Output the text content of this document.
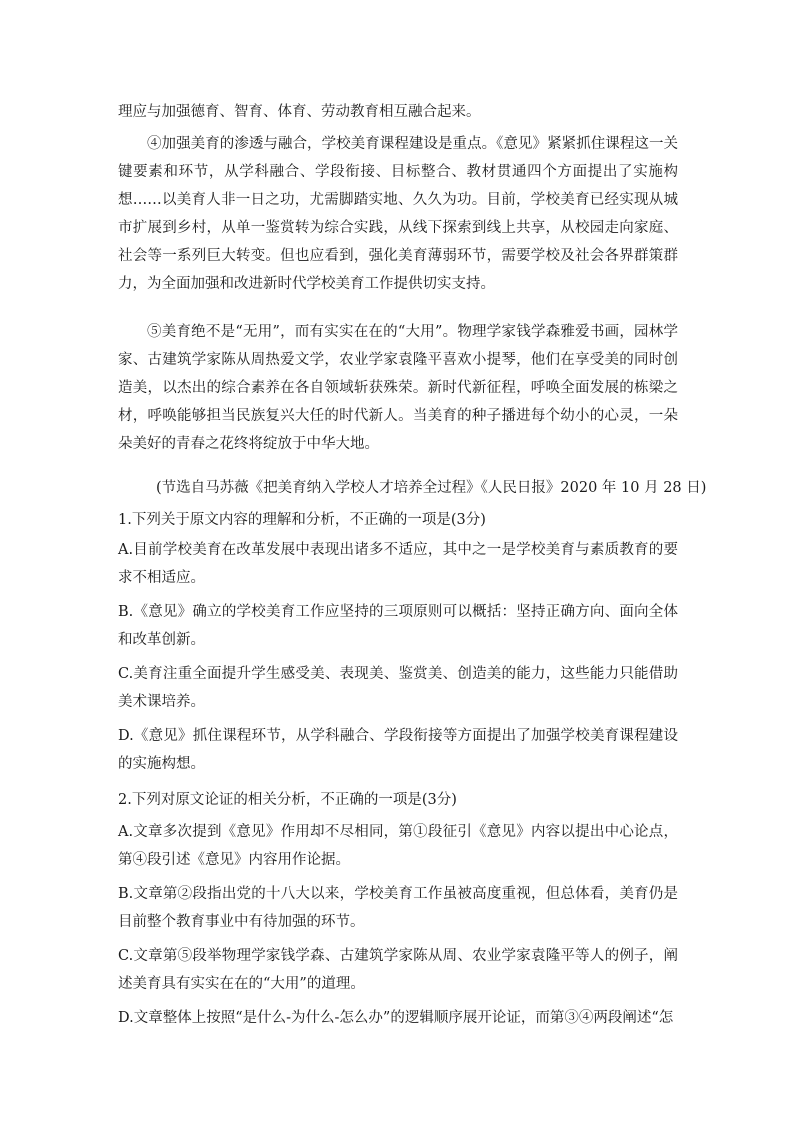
理应与加强德育、智育、体育、劳动教育相互融合起来。
④加强美育的渗透与融合，学校美育课程建设是重点。《意见》紧紧抓住课程这一关键要素和环节，从学科融合、学段衔接、目标整合、教材贯通四个方面提出了实施构想……以美育人非一日之功，尤需脚踏实地、久久为功。目前，学校美育已经实现从城市扩展到乡村，从单一鉴赏转为综合实践，从线下探索到线上共享，从校园走向家庭、社会等一系列巨大转变。但也应看到，强化美育薄弱环节，需要学校及社会各界群策群力，为全面加强和改进新时代学校美育工作提供切实支持。
⑤美育绝不是“无用”，而有实实在在的“大用”。物理学家钱学森雅爱书画，园林学家、古建筑学家陈从周热爱文学，农业学家袁隆平喜欢小提琴，他们在享受美的同时创造美，以杰出的综合素养在各自领域斩获殊荣。新时代新征程，呼唤全面发展的栋梁之材，呼唤能够担当民族复兴大任的时代新人。当美育的种子播进每个幼小的心灵，一朵朵美好的青春之花终将绽放于中华大地。
(节选自马苏薇《把美育纳入学校人才培养全过程》《人民日报》2020 年 10 月 28 日)
1.下列关于原文内容的理解和分析，不正确的一项是(3分)
A.目前学校美育在改革发展中表现出诸多不适应，其中之一是学校美育与素质教育的要求不相适应。
B.《意见》确立的学校美育工作应坚持的三项原则可以概括：坚持正确方向、面向全体和改革创新。
C.美育注重全面提升学生感受美、表现美、鉴赏美、创造美的能力，这些能力只能借助美术课培养。
D.《意见》抓住课程环节，从学科融合、学段衔接等方面提出了加强学校美育课程建设的实施构想。
2.下列对原文论证的相关分析，不正确的一项是(3分)
A.文章多次提到《意见》作用却不尽相同，第①段征引《意见》内容以提出中心论点，第④段引述《意见》内容用作论据。
B.文章第②段指出党的十八大以来，学校美育工作虽被高度重视，但总体看，美育仍是目前整个教育事业中有待加强的环节。
C.文章第⑤段举物理学家钱学森、古建筑学家陈从周、农业学家袁隆平等人的例子，阐述美育具有实实在在的“大用”的道理。
D.文章整体上按照“是什么-为什么-怎么办”的逻辑顺序展开论证，而第③④两段阐述“怎
